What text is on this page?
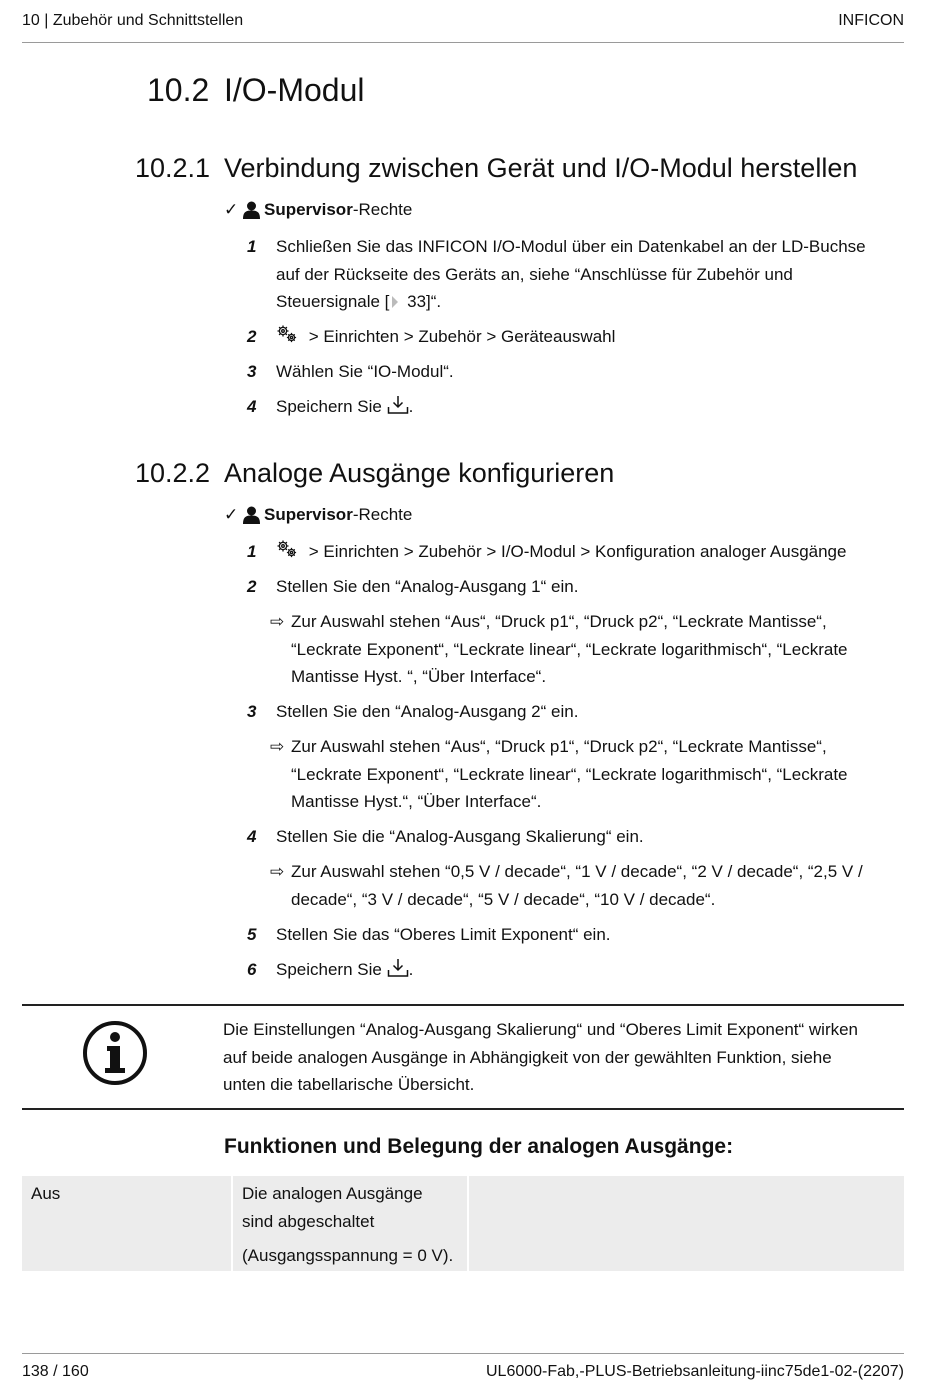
10 | Zubehör und Schnittstellen	INFICON
10.2 I/O-Modul
10.2.1 Verbindung zwischen Gerät und I/O-Modul herstellen
✓ Supervisor -Rechte
1	Schließen Sie das INFICON I/O-Modul über ein Datenkabel an der LD-Buchse
auf der Rückseite des Geräts an, siehe “Anschlüsse für Zubehör und
Steuersignale [ 33]“.
2	> Einrichten > Zubehör > Geräteauswahl
3	Wählen Sie “IO-Modul“.
4	Speichern Sie .
10.2.2 Analoge Ausgänge konfigurieren
✓ Supervisor -Rechte
1	> Einrichten > Zubehör > I/O-Modul > Konfiguration analoger Ausgänge
2	Stellen Sie den “Analog-Ausgang 1“ ein.
⇨ Zur Auswahl stehen “Aus“, “Druck p1“, “Druck p2“, “Leckrate Mantisse“,
“Leckrate Exponent“, “Leckrate linear“, “Leckrate logarithmisch“, “Leckrate
Mantisse Hyst. “, “Über Interface“.
3	Stellen Sie den “Analog-Ausgang 2“ ein.
⇨ Zur Auswahl stehen “Aus“, “Druck p1“, “Druck p2“, “Leckrate Mantisse“,
“Leckrate Exponent“, “Leckrate linear“, “Leckrate logarithmisch“, “Leckrate
Mantisse Hyst.“, “Über Interface“.
4	Stellen Sie die “Analog-Ausgang Skalierung“ ein.
⇨ Zur Auswahl stehen “0,5 V / decade“, “1 V / decade“, “2 V / decade“, “2,5 V /
decade“, “3 V / decade“, “5 V / decade“, “10 V / decade“.
5	Stellen Sie das “Oberes Limit Exponent“ ein.
6	Speichern Sie .
Die Einstellungen “Analog-Ausgang Skalierung“ und “Oberes Limit Exponent“ wirken
auf beide analogen Ausgänge in Abhängigkeit von der gewählten Funktion, siehe
unten die tabellarische Übersicht.
Funktionen und Belegung der analogen Ausgänge:
Aus	Die analogen Ausgänge
sind abgeschaltet

(Ausgangsspannung = 0 V).
138 / 160	UL6000-Fab,-PLUS-Betriebsanleitung-iinc75de1-02-(2207)
